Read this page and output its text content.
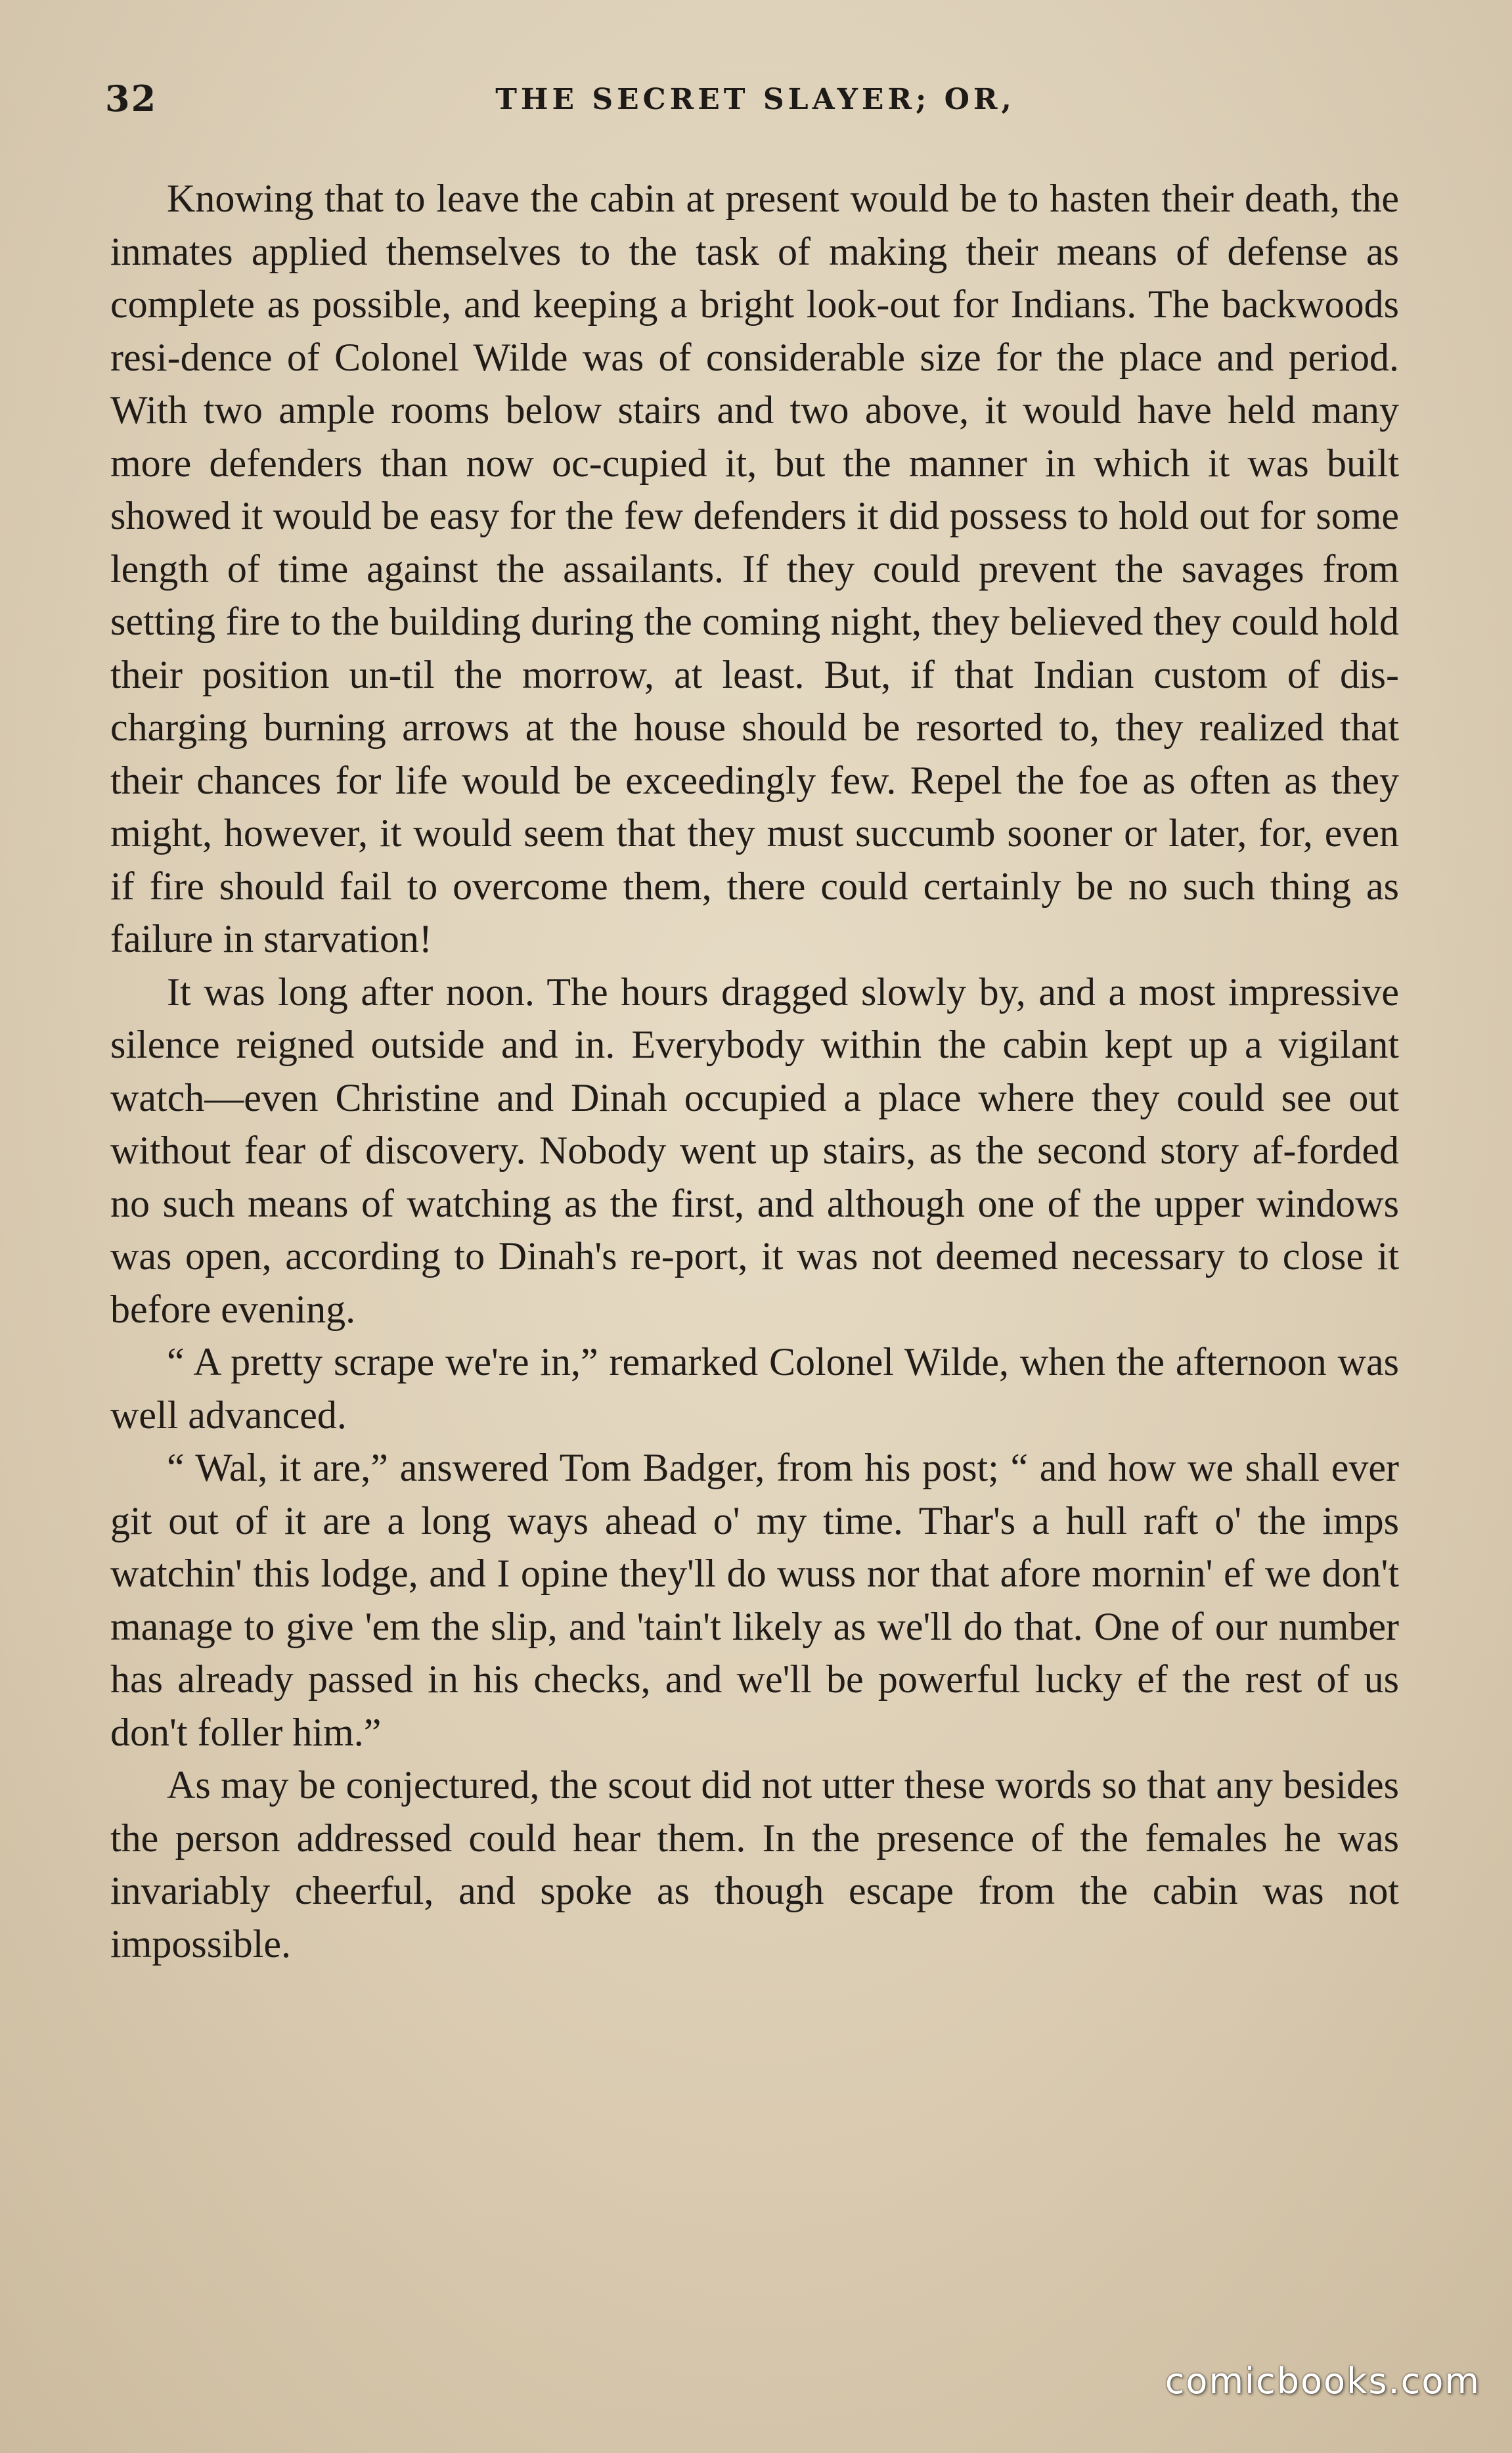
32	THE SECRET SLAYER; OR,

Knowing that to leave the cabin at present would be to hasten their death, the inmates applied themselves to the task of making their means of defense as complete as possible, and keeping a bright look-out for Indians. The backwoods resi-dence of Colonel Wilde was of considerable size for the place and period. With two ample rooms below stairs and two above, it would have held many more defenders than now oc-cupied it, but the manner in which it was built showed it would be easy for the few defenders it did possess to hold out for some length of time against the assailants. If they could prevent the savages from setting fire to the building during the coming night, they believed they could hold their position un-til the morrow, at least. But, if that Indian custom of dis-charging burning arrows at the house should be resorted to, they realized that their chances for life would be exceedingly few. Repel the foe as often as they might, however, it would seem that they must succumb sooner or later, for, even if fire should fail to overcome them, there could certainly be no such thing as failure in starvation!

It was long after noon. The hours dragged slowly by, and a most impressive silence reigned outside and in. Everybody within the cabin kept up a vigilant watch—even Christine and Dinah occupied a place where they could see out without fear of discovery. Nobody went up stairs, as the second story af-forded no such means of watching as the first, and although one of the upper windows was open, according to Dinah's re-port, it was not deemed necessary to close it before evening.

“ A pretty scrape we're in,” remarked Colonel Wilde, when the afternoon was well advanced.

“ Wal, it are,” answered Tom Badger, from his post; “ and how we shall ever git out of it are a long ways ahead o' my time. Thar's a hull raft o' the imps watchin' this lodge, and I opine they'll do wuss nor that afore mornin' ef we don't manage to give 'em the slip, and 'tain't likely as we'll do that. One of our number has already passed in his checks, and we'll be powerful lucky ef the rest of us don't foller him.”

As may be conjectured, the scout did not utter these words so that any besides the person addressed could hear them. In the presence of the females he was invariably cheerful, and spoke as though escape from the cabin was not impossible.

comicbooks.com
